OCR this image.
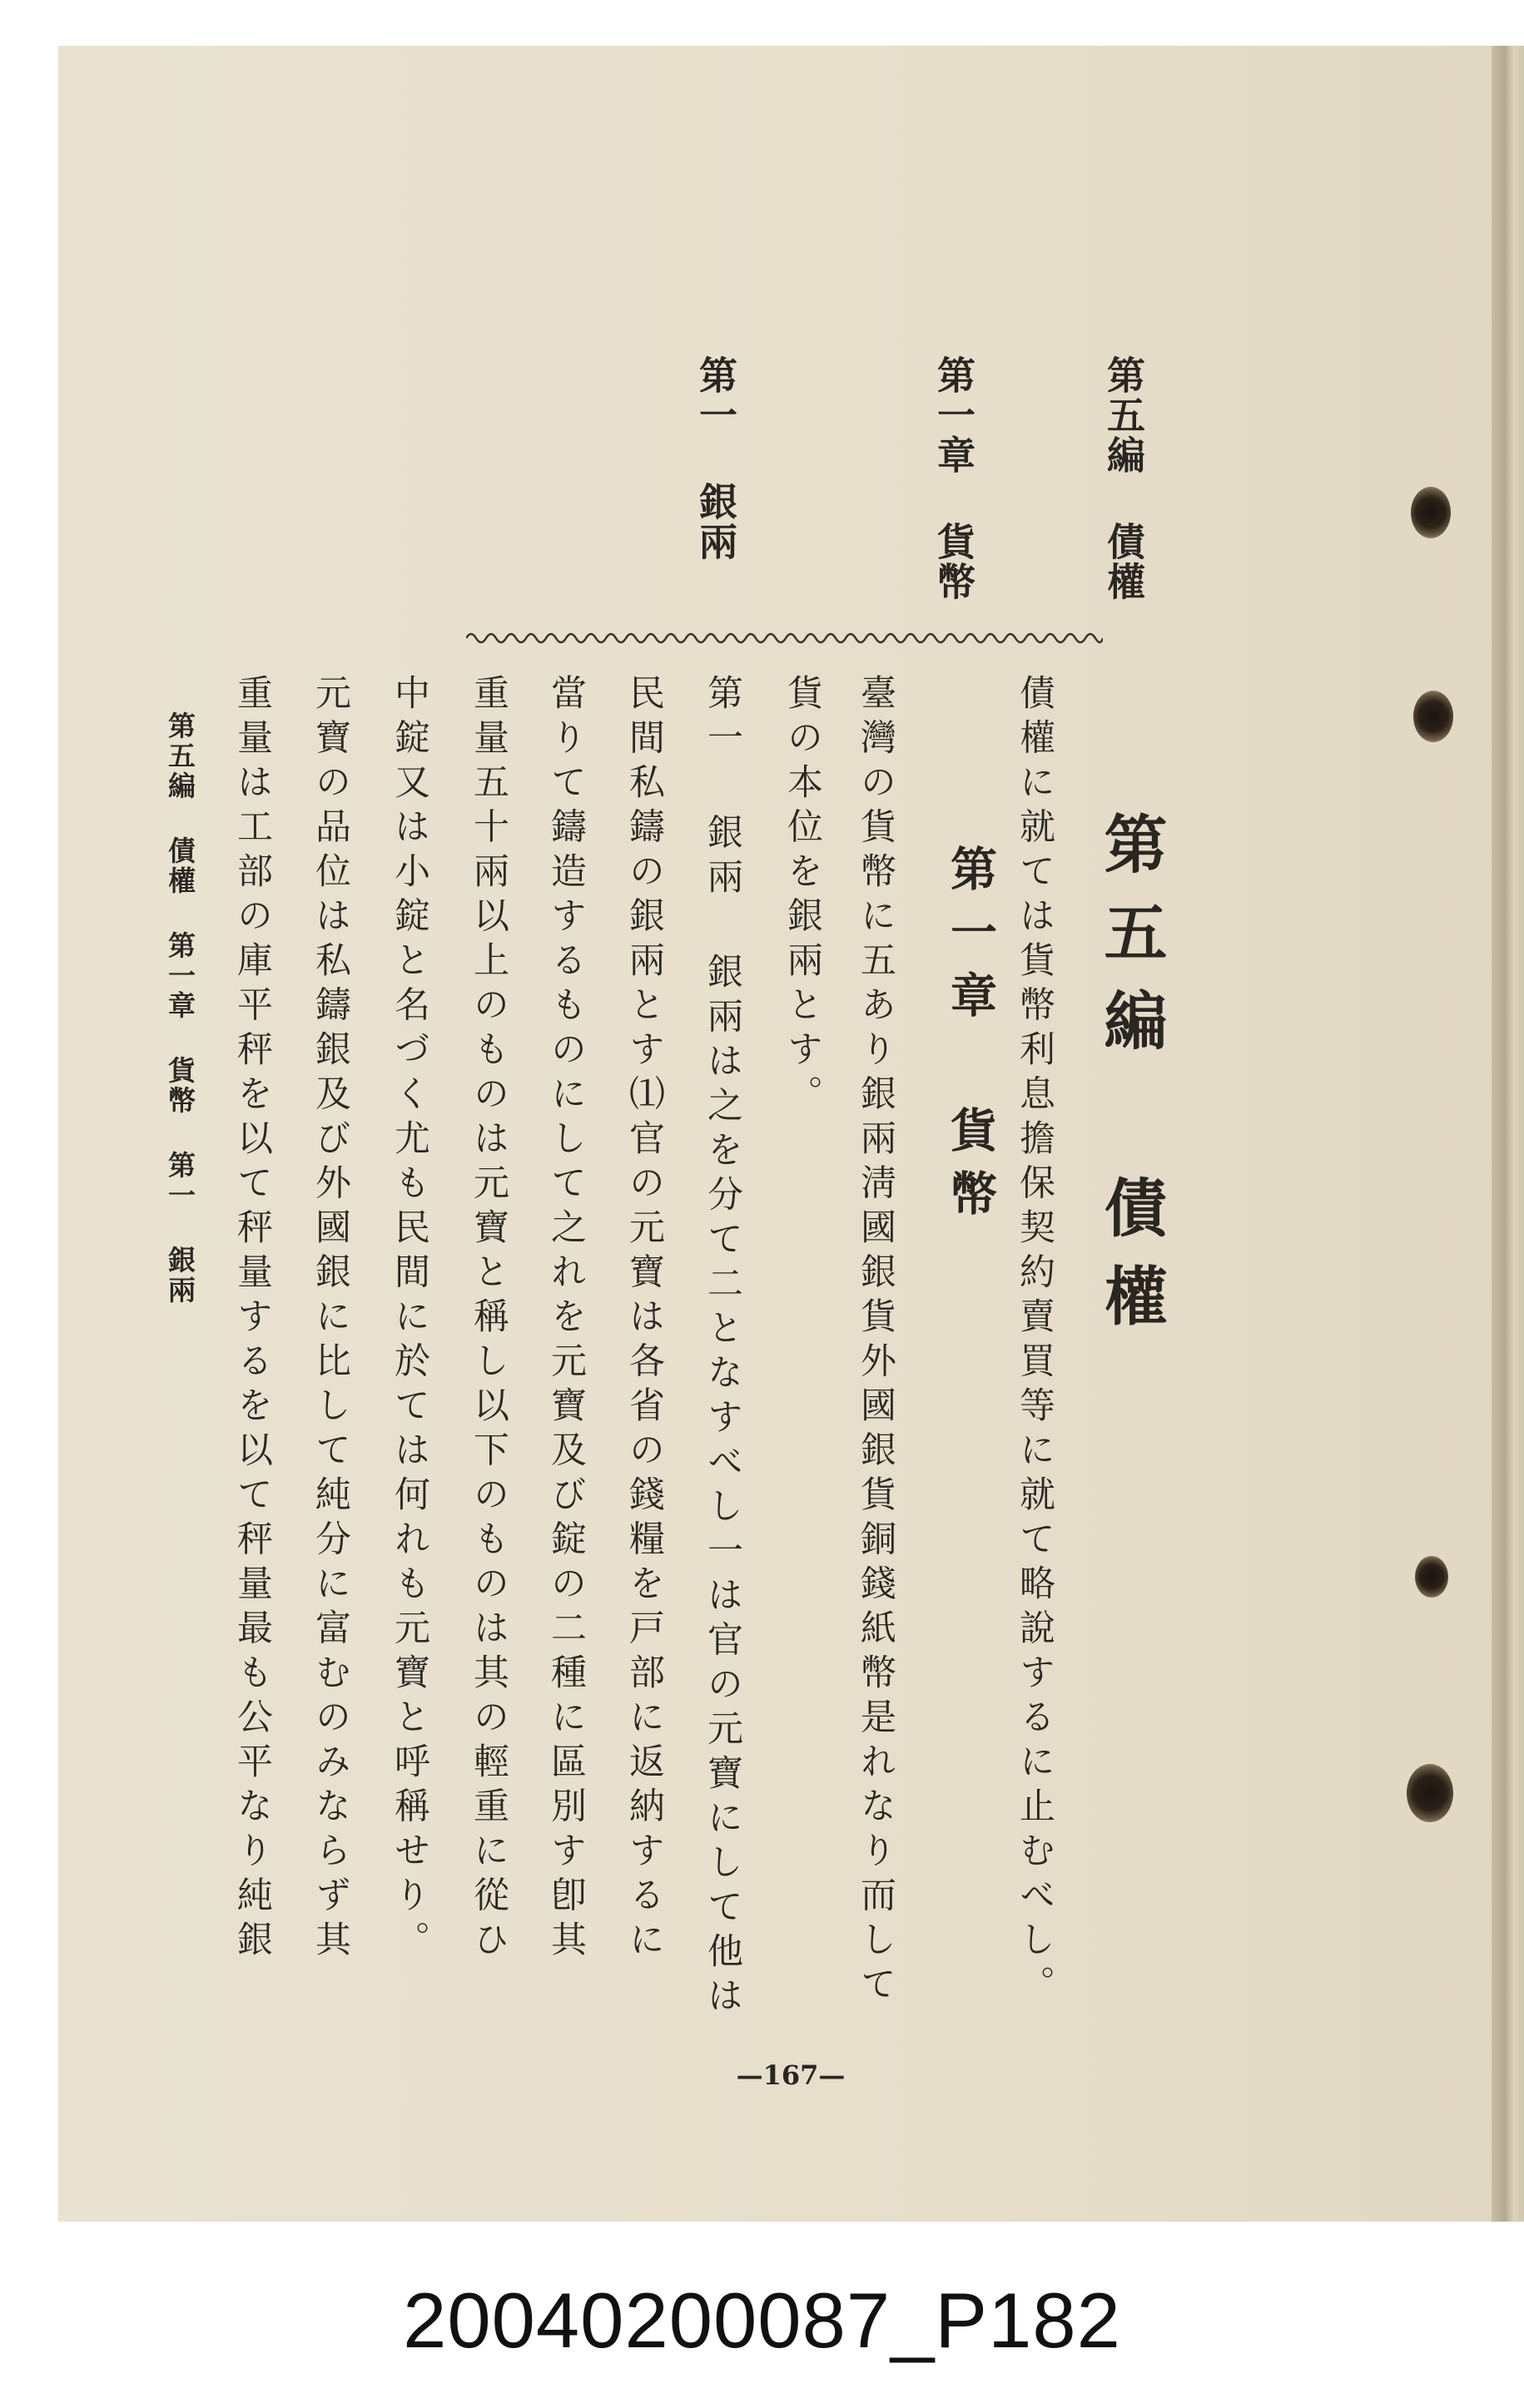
第五編 債權
第一章 貨幣
第一 銀兩
第五編 債權
第一章 貨幣 債權に就ては貨幣利息擔保契約賣買等に就て略說するに止むべし。
臺灣の貨幣に五あり銀兩淸國銀貨外國銀貨銅錢紙幣是れなり而して
貨の本位を銀兩とす。
第一 銀兩 銀兩は之を分て二となすべし一は官の元寶にして他は
民間私鑄の銀兩とす⑴官の元寶は各省の錢糧を戸部に返納するに
當りて鑄造するものにして之れを元寶及び錠の二種に區別す卽其
重量五十兩以上のものは元寶と稱し以下のものは其の輕重に從ひ
中錠又は小錠と名づく尤も民間に於ては何れも元寶と呼稱せり。
元寶の品位は私鑄銀及び外國銀に比して純分に富むのみならず其
重量は工部の庫平秤を以て秤量するを以て秤量最も公平なり純銀
第五編 債權 第一章 貨幣 第一 銀兩
—167—
20040200087_P182
